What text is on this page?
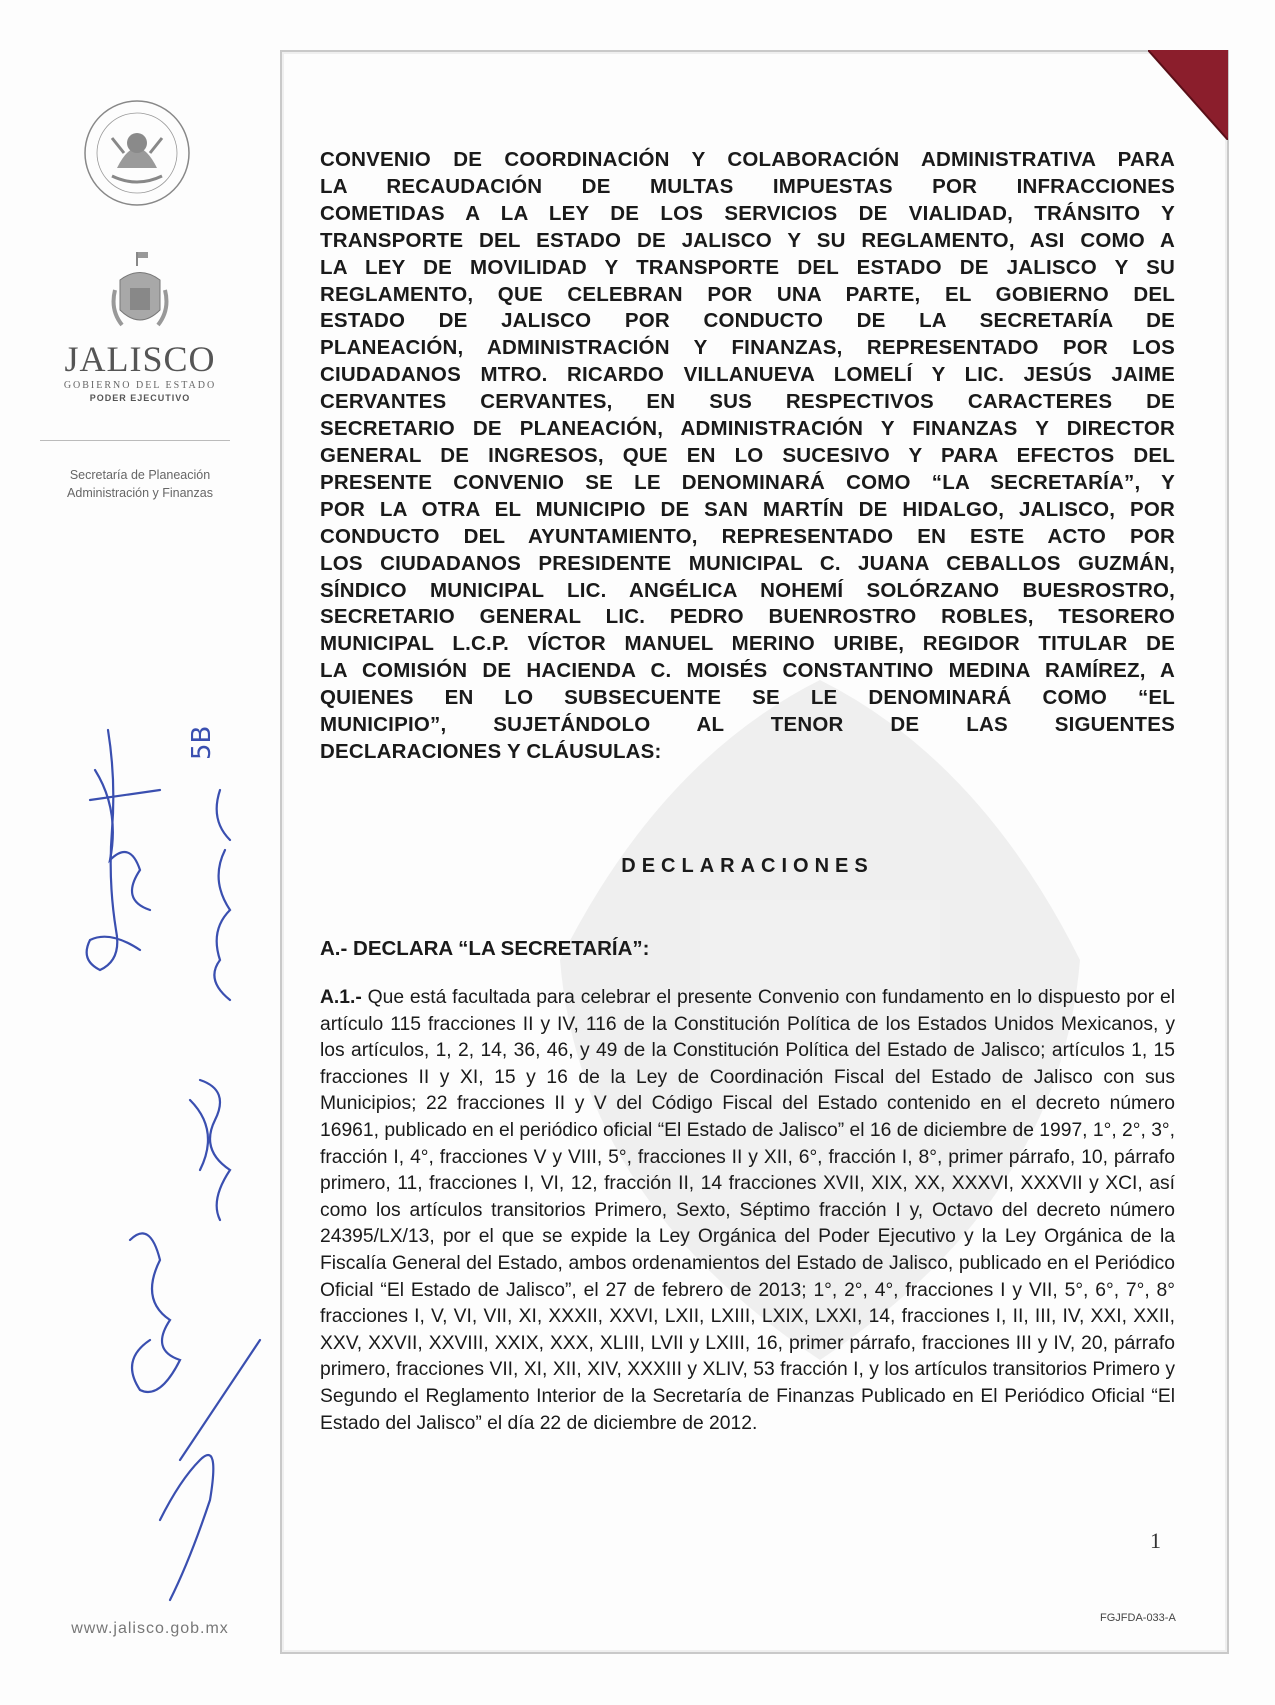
JALISCO
GOBIERNO DEL ESTADO
PODER EJECUTIVO
Secretaría de Planeación
Administración y Finanzas
5B
www.jalisco.gob.mx
CONVENIO DE COORDINACIÓN Y COLABORACIÓN ADMINISTRATIVA PARA
LA RECAUDACIÓN DE MULTAS IMPUESTAS POR INFRACCIONES
COMETIDAS A LA LEY DE LOS SERVICIOS DE VIALIDAD, TRÁNSITO Y
TRANSPORTE DEL ESTADO DE JALISCO Y SU REGLAMENTO, ASI COMO A
LA LEY DE MOVILIDAD Y TRANSPORTE DEL ESTADO DE JALISCO Y SU
REGLAMENTO, QUE CELEBRAN POR UNA PARTE, EL GOBIERNO DEL
ESTADO DE JALISCO POR CONDUCTO DE LA SECRETARÍA DE
PLANEACIÓN, ADMINISTRACIÓN Y FINANZAS, REPRESENTADO POR LOS
CIUDADANOS MTRO. RICARDO VILLANUEVA LOMELÍ Y LIC. JESÚS JAIME
CERVANTES CERVANTES, EN SUS RESPECTIVOS CARACTERES DE
SECRETARIO DE PLANEACIÓN, ADMINISTRACIÓN Y FINANZAS Y DIRECTOR
GENERAL DE INGRESOS, QUE EN LO SUCESIVO Y PARA EFECTOS DEL
PRESENTE CONVENIO SE LE DENOMINARÁ COMO “LA SECRETARÍA”, Y
POR LA OTRA EL MUNICIPIO DE SAN MARTÍN DE HIDALGO, JALISCO, POR
CONDUCTO DEL AYUNTAMIENTO, REPRESENTADO EN ESTE ACTO POR
LOS CIUDADANOS PRESIDENTE MUNICIPAL C. JUANA CEBALLOS GUZMÁN,
SÍNDICO MUNICIPAL LIC. ANGÉLICA NOHEMÍ SOLÓRZANO BUESROSTRO,
SECRETARIO GENERAL LIC. PEDRO BUENROSTRO ROBLES, TESORERO
MUNICIPAL L.C.P. VÍCTOR MANUEL MERINO URIBE, REGIDOR TITULAR DE
LA COMISIÓN DE HACIENDA C. MOISÉS CONSTANTINO MEDINA RAMÍREZ, A
QUIENES EN LO SUBSECUENTE SE LE DENOMINARÁ COMO “EL
MUNICIPIO”, SUJETÁNDOLO AL TENOR DE LAS SIGUENTES
DECLARACIONES Y CLÁUSULAS:
DECLARACIONES
A.- DECLARA “LA SECRETARÍA”:
A.1.- Que está facultada para celebrar el presente Convenio con fundamento en lo dispuesto por el artículo 115 fracciones II y IV, 116 de la Constitución Política de los Estados Unidos Mexicanos, y los artículos, 1, 2, 14, 36, 46, y 49 de la Constitución Política del Estado de Jalisco; artículos 1, 15 fracciones II y XI, 15 y 16 de la Ley de Coordinación Fiscal del Estado de Jalisco con sus Municipios; 22 fracciones II y V del Código Fiscal del Estado contenido en el decreto número 16961, publicado en el periódico oficial “El Estado de Jalisco” el 16 de diciembre de 1997, 1°, 2°, 3°, fracción I, 4°, fracciones V y VIII, 5°, fracciones II y XII, 6°, fracción I, 8°, primer párrafo, 10, párrafo primero, 11, fracciones I, VI, 12, fracción II, 14 fracciones XVII, XIX, XX, XXXVI, XXXVII y XCI, así como los artículos transitorios Primero, Sexto, Séptimo fracción I y, Octavo del decreto número 24395/LX/13, por el que se expide la Ley Orgánica del Poder Ejecutivo y la Ley Orgánica de la Fiscalía General del Estado, ambos ordenamientos del Estado de Jalisco, publicado en el Periódico Oficial “El Estado de Jalisco”, el 27 de febrero de 2013; 1°, 2°, 4°, fracciones I y VII, 5°, 6°, 7°, 8° fracciones I, V, VI, VII, XI, XXXII, XXVI, LXII, LXIII, LXIX, LXXI, 14, fracciones I, II, III, IV, XXI, XXII, XXV, XXVII, XXVIII, XXIX, XXX, XLIII, LVII y LXIII, 16, primer párrafo, fracciones III y IV, 20, párrafo primero, fracciones VII, XI, XII, XIV, XXXIII y XLIV, 53 fracción I, y los artículos transitorios Primero y Segundo el Reglamento Interior de la Secretaría de Finanzas Publicado en El Periódico Oficial “El Estado del Jalisco” el día 22 de diciembre de 2012.
1
FGJFDA-033-A
